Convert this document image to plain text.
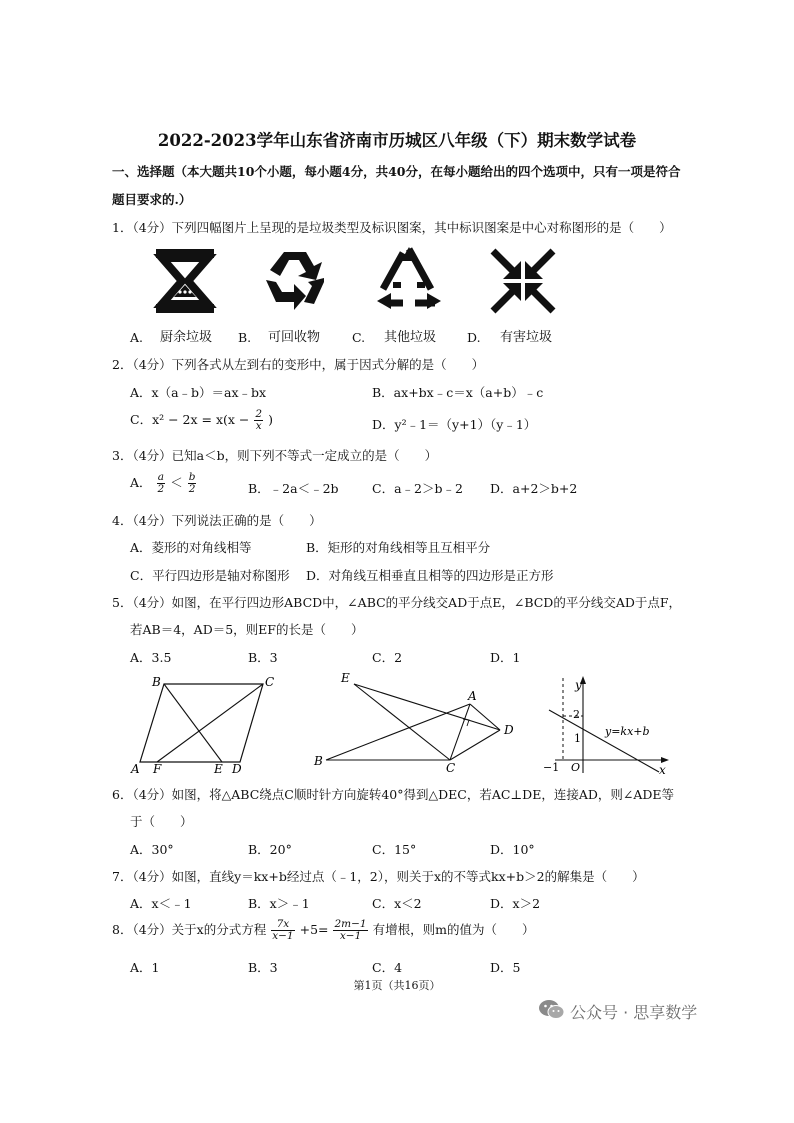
2022-2023学年山东省济南市历城区八年级（下）期末数学试卷
一、选择题（本大题共10个小题，每小题4分，共40分，在每小题给出的四个选项中，只有一项是符合
题目要求的.）
1．（4分）下列四幅图片上呈现的是垃圾类型及标识图案，其中标识图案是中心对称图形的是（　　）
A. 厨余垃圾 B. 可回收物	C. 其他垃圾 D. 有害垃圾
2．（4分）下列各式从左到右的变形中，属于因式分解的是（　　）
A．x（a﹣b）＝ax﹣bx	B．ax+bx﹣c＝x（a+b）﹣c
C．$x^2 - 2x = x(x - \frac{2}{x}$ )	D．y²﹣1＝（y+1）（y﹣1）
3．（4分）已知a＜b，则下列不等式一定成立的是（　　）
A． $\frac{a}{2} < \frac{b}{2}$	B．﹣2a＜﹣2b	C．a﹣2＞b﹣2 D．a+2＞b+2
4．（4分）下列说法正确的是（　　）
A．菱形的对角线相等	B．矩形的对角线相等且互相平分
C．平行四边形是轴对称图形 D．对角线互相垂直且相等的四边形是正方形
5．（4分）如图，在平行四边形ABCD中，∠ABC的平分线交AD于点E，∠BCD的平分线交AD于点F，
若AB＝4，AD＝5，则EF的长是（　　）
A．3.5	B．3	C．2	D．1
B	C
A F	E D
E
A
D
B	C
y
x
2
1
−1 O
y=kx+b
6．（4分）如图，将△ABC绕点C顺时针方向旋转40°得到△DEC，若AC⊥DE，连接AD，则∠ADE等
于（　　）
A．30°	B．20°	C．15°	D．10°
7．（4分）如图，直线y＝kx+b经过点（﹣1，2），则关于x的不等式kx+b＞2的解集是（　　）
A．x＜﹣1	B．x＞﹣1	C．x＜2	D．x＞2
8．（4分）关于x的分式方程 $\frac{7x}{x-1} +5= \frac{2m-1}{x-1}$ 有增根，则m的值为（　　）
A．1	B．3	C．4	D．5
第1页（共16页）
公众号 · 思享数学
